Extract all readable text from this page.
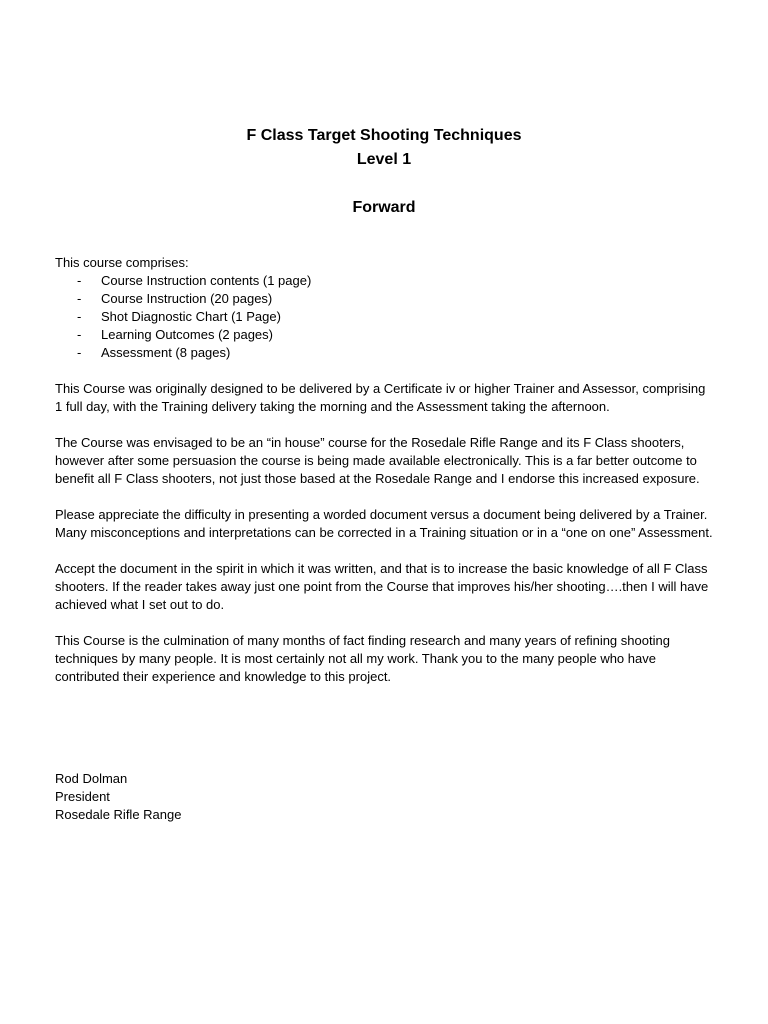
F Class Target Shooting Techniques
Level 1
Forward

This course comprises:

- Course Instruction contents (1 page)
- Course Instruction (20 pages)
- Shot Diagnostic Chart (1 Page)
- Learning Outcomes (2 pages)
- Assessment (8 pages)

This Course was originally designed to be delivered by a Certificate iv or higher Trainer and Assessor, comprising 1 full day, with the Training delivery taking the morning and the Assessment taking the afternoon.

The Course was envisaged to be an “in house” course for the Rosedale Rifle Range and its F Class shooters, however after some persuasion the course is being made available electronically. This is a far better outcome to benefit all F Class shooters, not just those based at the Rosedale Range and I endorse this increased exposure.

Please appreciate the difficulty in presenting a worded document versus a document being delivered by a Trainer. Many misconceptions and interpretations can be corrected in a Training situation or in a “one on one” Assessment.

Accept the document in the spirit in which it was written, and that is to increase the basic knowledge of all F Class shooters. If the reader takes away just one point from the Course that improves his/her shooting….then I will have achieved what I set out to do.

This Course is the culmination of many months of fact finding research and many years of refining shooting techniques by many people. It is most certainly not all my work. Thank you to the many people who have contributed their experience and knowledge to this project.

Rod Dolman
President
Rosedale Rifle Range
